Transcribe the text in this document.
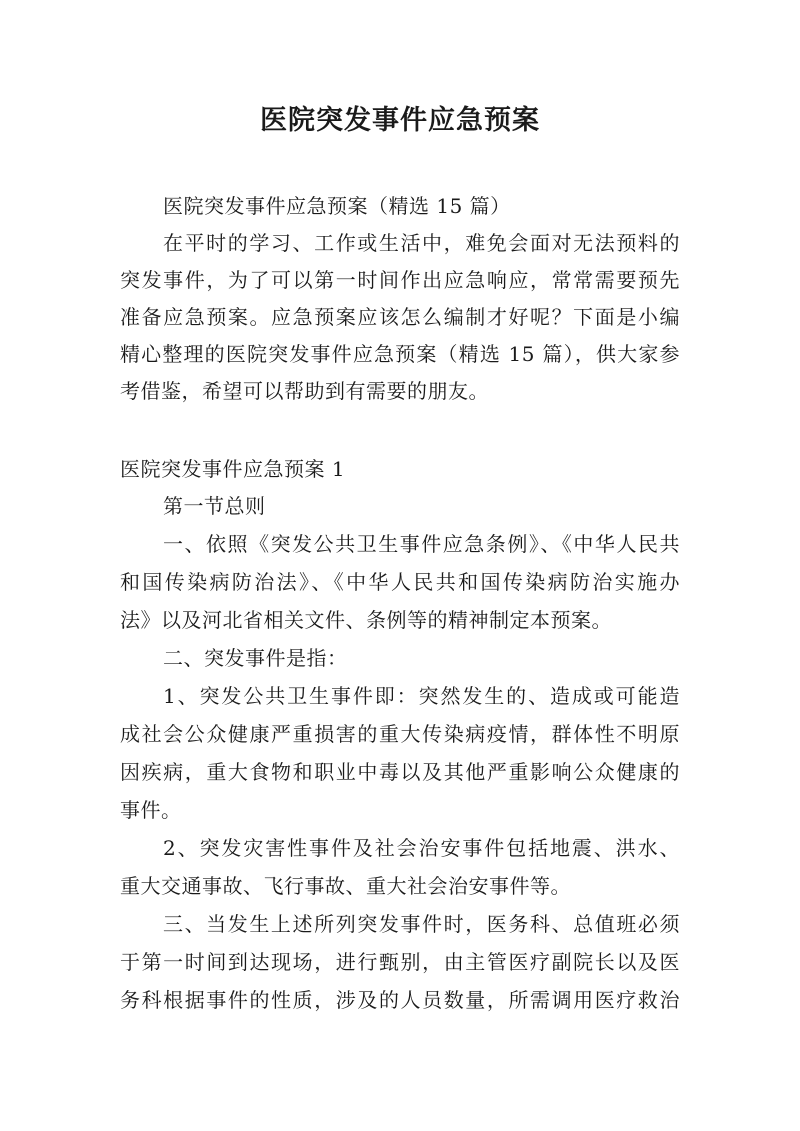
医院突发事件应急预案
医院突发事件应急预案（精选 15 篇）
在平时的学习、工作或生活中，难免会面对无法预料的
突发事件，为了可以第一时间作出应急响应，常常需要预先
准备应急预案。应急预案应该怎么编制才好呢？下面是小编
精心整理的医院突发事件应急预案（精选 15 篇），供大家参
考借鉴，希望可以帮助到有需要的朋友。
医院突发事件应急预案 1
第一节总则
一、依照《突发公共卫生事件应急条例》、《中华人民共
和国传染病防治法》、《中华人民共和国传染病防治实施办
法》以及河北省相关文件、条例等的精神制定本预案。
二、突发事件是指：
1、突发公共卫生事件即：突然发生的、造成或可能造
成社会公众健康严重损害的重大传染病疫情，群体性不明原
因疾病，重大食物和职业中毒以及其他严重影响公众健康的
事件。
2、突发灾害性事件及社会治安事件包括地震、洪水、
重大交通事故、飞行事故、重大社会治安事件等。
三、当发生上述所列突发事件时，医务科、总值班必须
于第一时间到达现场，进行甄别，由主管医疗副院长以及医
务科根据事件的性质，涉及的人员数量，所需调用医疗救治
